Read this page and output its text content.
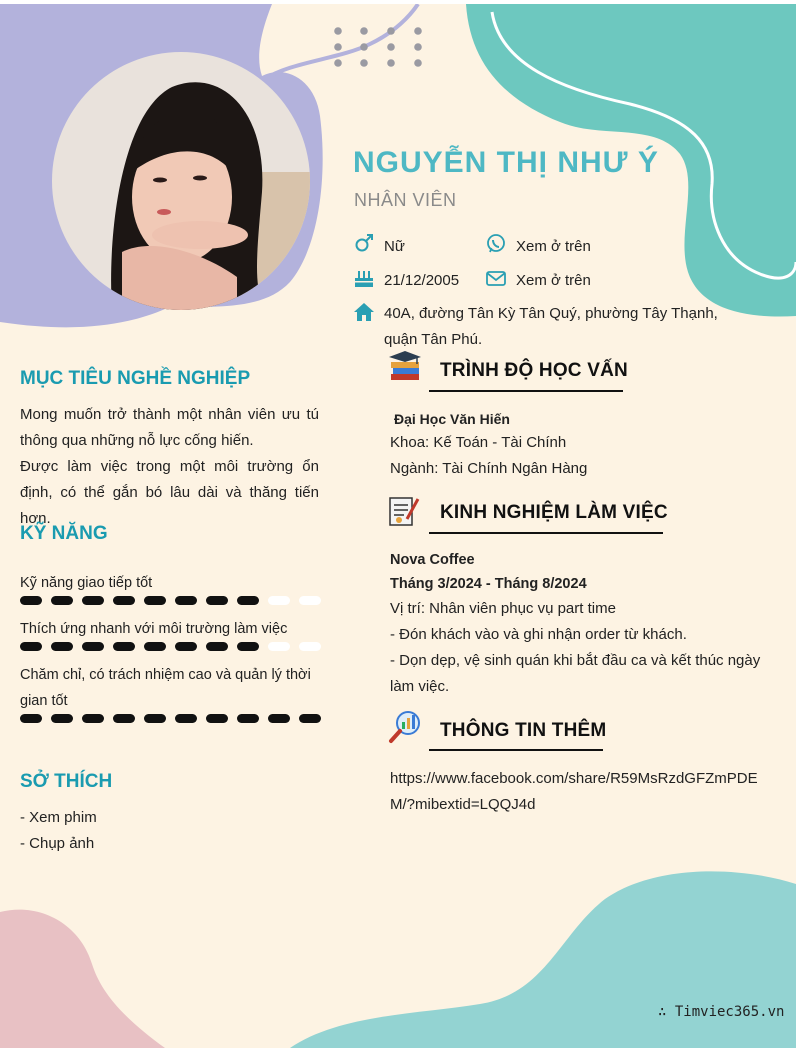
NGUYỄN THỊ NHƯ Ý
NHÂN VIÊN
Nữ	Xem ở trên
21/12/2005	Xem ở trên
40A, đường Tân Kỳ Tân Quý, phường Tây Thạnh,
quận Tân Phú.
MỤC TIÊU NGHỀ NGHIỆP
Mong muốn trở thành một nhân viên ưu tú thông qua những nỗ lực cống hiến.
Được làm việc trong một môi trường ổn định, có thể gắn bó lâu dài và thăng tiến hơn.
KỸ NĂNG
Kỹ năng giao tiếp tốt
Thích ứng nhanh với môi trường làm việc
Chăm chỉ, có trách nhiệm cao và quản lý thời gian tốt
SỞ THÍCH
- Xem phim
- Chụp ảnh
TRÌNH ĐỘ HỌC VẤN
Đại Học Văn Hiến
Khoa: Kế Toán - Tài Chính
Ngành: Tài Chính Ngân Hàng
KINH NGHIỆM LÀM VIỆC
Nova Coffee
Tháng 3/2024 - Tháng 8/2024
Vị trí: Nhân viên phục vụ part time
- Đón khách vào và ghi nhận order từ khách.
- Dọn dẹp, vệ sinh quán khi bắt đầu ca và kết thúc ngày làm việc.
THÔNG TIN THÊM
https://www.facebook.com/share/R59MsRzdGFZmPDEM/?mibextid=LQQJ4d
∴ Timviec365.vn
